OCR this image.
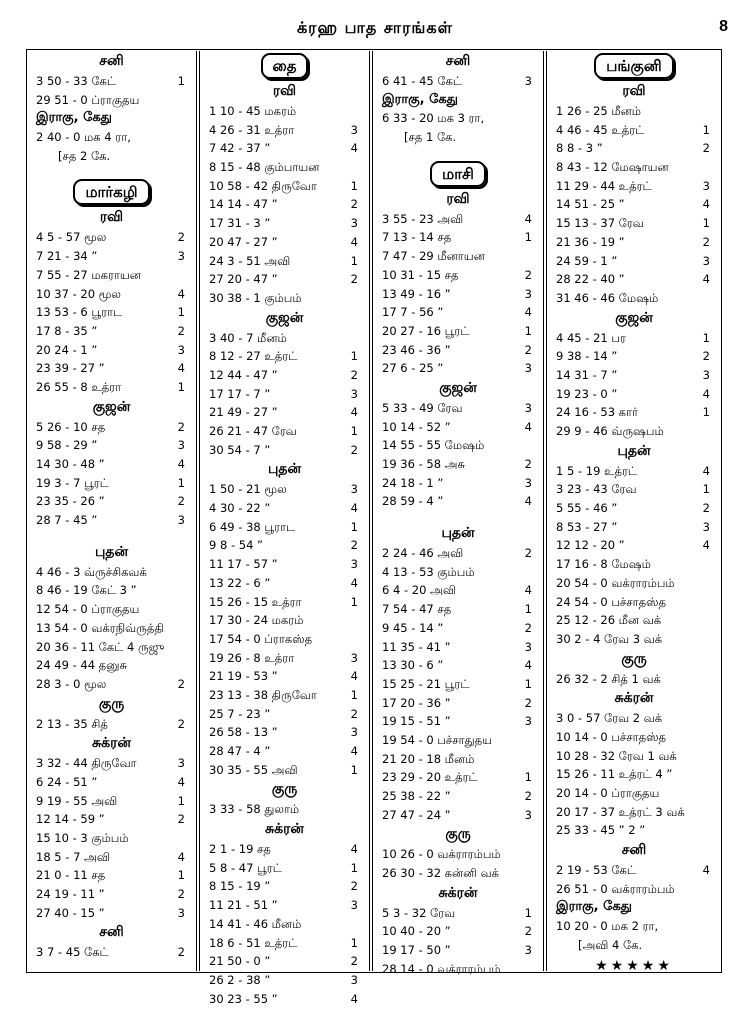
க்ரஹ பாத சாரங்கள்	8
சனி
3 50 - 33 கேட்	1
29 51 - 0 ப்ராகுதய
இராகு, கேது
2 40 - 0 மக 4 ரா,
[சத 2 கே.
மார்கழி
ரவி
4 5 - 57 மூல	2
7 21 - 34 ”	3
7 55 - 27 மகராயன
10 37 - 20 மூல	4
13 53 - 6 பூராட	1
17 8 - 35 ”	2
20 24 - 1 ”	3
23 39 - 27 ”	4
26 55 - 8 உத்ரா	1
குஜன்
5 26 - 10 சத	2
9 58 - 29 ”	3
14 30 - 48 ”	4
19 3 - 7 பூரட்	1
23 35 - 26 ”	2
28 7 - 45 ”	3
புதன்
4 46 - 3 வ்ருச்சிகவக்
8 46 - 19 கேட் 3 ”
12 54 - 0 ப்ராகுதய
13 54 - 0 வக்ரநிவ்ருத்தி
20 36 - 11 கேட் 4 ருஜு
24 49 - 44 தனுசு
28 3 - 0 மூல	2
குரு
2 13 - 35 சித்	2
சுக்ரன்
3 32 - 44 திருவோ	3
6 24 - 51 ”	4
9 19 - 55 அவி	1
12 14 - 59 ”	2
15 10 - 3 கும்பம்
18 5 - 7 அவி	4
21 0 - 11 சத	1
24 19 - 11 ”	2
27 40 - 15 ”	3
சனி
3 7 - 45 கேட்	2
தை
ரவி
1 10 - 45 மகரம்
4 26 - 31 உத்ரா	3
7 42 - 37 ”	4
8 15 - 48 கும்பாயன
10 58 - 42 திருவோ	1
14 14 - 47 ”	2
17 31 - 3 ”	3
20 47 - 27 ”	4
24 3 - 51 அவி	1
27 20 - 47 ”	2
30 38 - 1 கும்பம்
குஜன்
3 40 - 7 மீனம்
8 12 - 27 உத்ரட்	1
12 44 - 47 ”	2
17 17 - 7 ”	3
21 49 - 27 ”	4
26 21 - 47 ரேவ	1
30 54 - 7 ”	2
புதன்
1 50 - 21 மூல	3
4 30 - 22 ”	4
6 49 - 38 பூராட	1
9 8 - 54 ”	2
11 17 - 57 ”	3
13 22 - 6 ”	4
15 26 - 15 உத்ரா	1
17 30 - 24 மகரம்
17 54 - 0 ப்ராகஸ்த
19 26 - 8 உத்ரா	3
21 19 - 53 ”	4
23 13 - 38 திருவோ	1
25 7 - 23 ”	2
26 58 - 13 ”	3
28 47 - 4 ”	4
30 35 - 55 அவி	1
குரு
3 33 - 58 துலாம்
சுக்ரன்
2 1 - 19 சத	4
5 8 - 47 பூரட்	1
8 15 - 19 ”	2
11 21 - 51 ”	3
14 41 - 46 மீனம்
18 6 - 51 உத்ரட்	1
21 50 - 0 ”	2
26 2 - 38 ”	3
30 23 - 55 ”	4
சனி
6 41 - 45 கேட்	3
இராகு, கேது
6 33 - 20 மக 3 ரா,
[சத 1 கே.
மாசி
ரவி
3 55 - 23 அவி	4
7 13 - 14 சத	1
7 47 - 29 மீனாயன
10 31 - 15 சத	2
13 49 - 16 ”	3
17 7 - 56 ”	4
20 27 - 16 பூரட்	1
23 46 - 36 ”	2
27 6 - 25 ”	3
குஜன்
5 33 - 49 ரேவ	3
10 14 - 52 ”	4
14 55 - 55 மேஷம்
19 36 - 58 அசு	2
24 18 - 1 ”	3
28 59 - 4 ”	4
புதன்
2 24 - 46 அவி	2
4 13 - 53 கும்பம்
6 4 - 20 அவி	4
7 54 - 47 சத	1
9 45 - 14 ”	2
11 35 - 41 ”	3
13 30 - 6 ”	4
15 25 - 21 பூரட்	1
17 20 - 36 ”	2
19 15 - 51 ”	3
19 54 - 0 பச்சாதுதய
21 20 - 18 மீனம்
23 29 - 20 உத்ரட்	1
25 38 - 22 ”	2
27 47 - 24 ”	3
குரு
10 26 - 0 வக்ராரம்பம்
26 30 - 32 கன்னி வக்
சுக்ரன்
5 3 - 32 ரேவ	1
10 40 - 20 ”	2
19 17 - 50 ”	3
28 14 - 0 வக்ராரம்பம்
பங்குனி
ரவி
1 26 - 25 மீனம்
4 46 - 45 உத்ரட்	1
8 8 - 3 ”	2
8 43 - 12 மேஷாயன
11 29 - 44 உத்ரட்	3
14 51 - 25 ”	4
15 13 - 37 ரேவ	1
21 36 - 19 ”	2
24 59 - 1 ”	3
28 22 - 40 ”	4
31 46 - 46 மேஷம்
குஜன்
4 45 - 21 பர	1
9 38 - 14 ”	2
14 31 - 7 ”	3
19 23 - 0 ”	4
24 16 - 53 கார்	1
29 9 - 46 வ்ருஷபம்
புதன்
1 5 - 19 உத்ரட்	4
3 23 - 43 ரேவ	1
5 55 - 46 ”	2
8 53 - 27 ”	3
12 12 - 20 ”	4
17 16 - 8 மேஷம்
20 54 - 0 வக்ராரம்பம்
24 54 - 0 பச்சாதஸ்த
25 12 - 26 மீன வக்
30 2 - 4 ரேவ 3 வக்
குரு
26 32 - 2 சித் 1 வக்
சுக்ரன்
3 0 - 57 ரேவ 2 வக்
10 14 - 0 பச்சாதஸ்த
10 28 - 32 ரேவ 1 வக்
15 26 - 11 உத்ரட் 4 ”
20 14 - 0 ப்ராகுதய
20 17 - 37 உத்ரட் 3 வக்
25 33 - 45 ” 2 ”
சனி
2 19 - 53 கேட்	4
26 51 - 0 வக்ராரம்பம்
இராகு, கேது
10 20 - 0 மக 2 ரா,
[அவி 4 கே.
★★★★★
